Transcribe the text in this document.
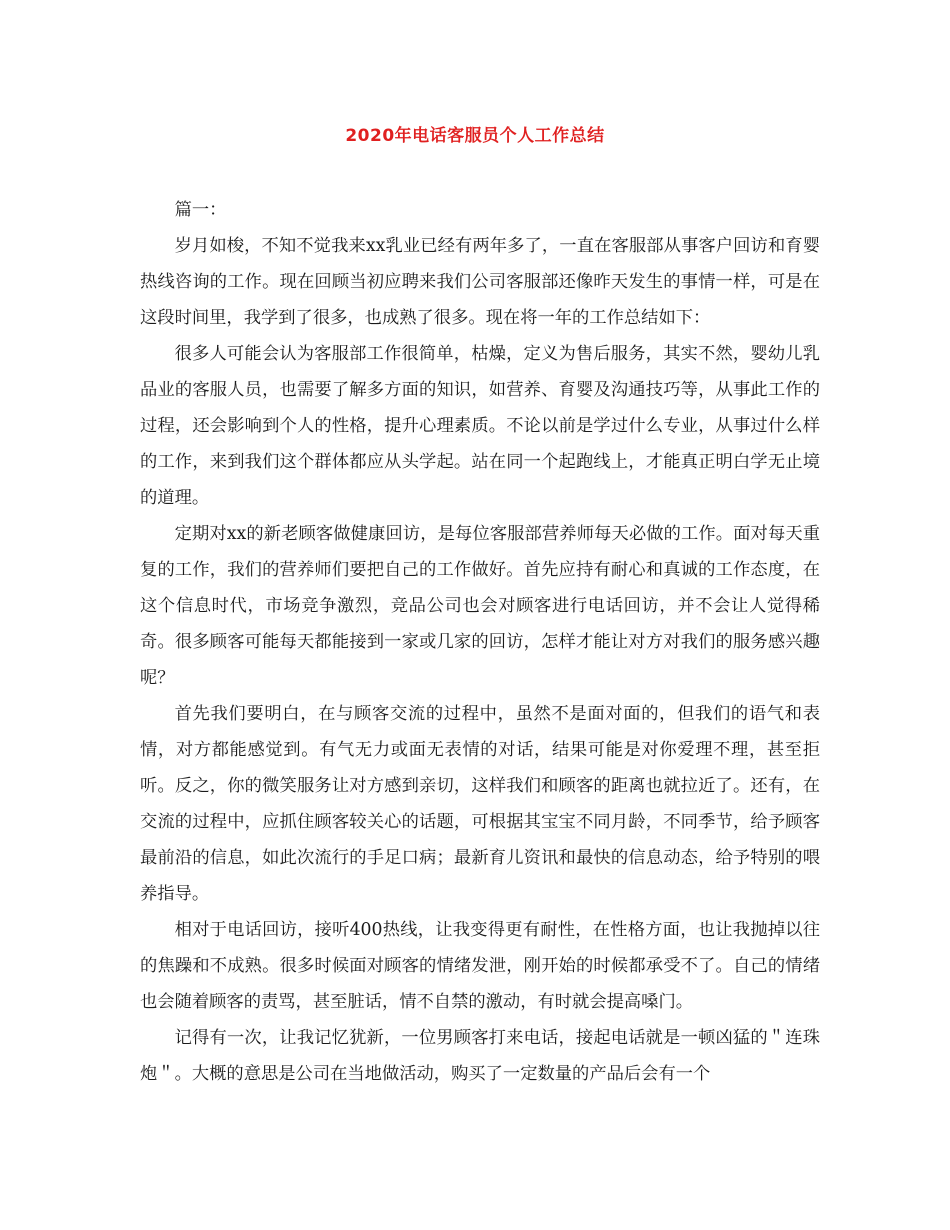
2020年电话客服员个人工作总结

篇一：

岁月如梭，不知不觉我来xx乳业已经有两年多了，一直在客服部从事客户回访和育婴热线咨询的工作。现在回顾当初应聘来我们公司客服部还像昨天发生的事情一样，可是在这段时间里，我学到了很多，也成熟了很多。现在将一年的工作总结如下：

很多人可能会认为客服部工作很简单，枯燥，定义为售后服务，其实不然，婴幼儿乳品业的客服人员，也需要了解多方面的知识，如营养、育婴及沟通技巧等，从事此工作的过程，还会影响到个人的性格，提升心理素质。不论以前是学过什么专业，从事过什么样的工作，来到我们这个群体都应从头学起。站在同一个起跑线上，才能真正明白学无止境的道理。

定期对xx的新老顾客做健康回访，是每位客服部营养师每天必做的工作。面对每天重复的工作，我们的营养师们要把自己的工作做好。首先应持有耐心和真诚的工作态度，在这个信息时代，市场竞争激烈，竞品公司也会对顾客进行电话回访，并不会让人觉得稀奇。很多顾客可能每天都能接到一家或几家的回访，怎样才能让对方对我们的服务感兴趣呢？

首先我们要明白，在与顾客交流的过程中，虽然不是面对面的，但我们的语气和表情，对方都能感觉到。有气无力或面无表情的对话，结果可能是对你爱理不理，甚至拒听。反之，你的微笑服务让对方感到亲切，这样我们和顾客的距离也就拉近了。还有，在交流的过程中，应抓住顾客较关心的话题，可根据其宝宝不同月龄，不同季节，给予顾客最前沿的信息，如此次流行的手足口病；最新育儿资讯和最快的信息动态，给予特别的喂养指导。

相对于电话回访，接听400热线，让我变得更有耐性，在性格方面，也让我抛掉以往的焦躁和不成熟。很多时候面对顾客的情绪发泄，刚开始的时候都承受不了。自己的情绪也会随着顾客的责骂，甚至脏话，情不自禁的激动，有时就会提高嗓门。

记得有一次，让我记忆犹新，一位男顾客打来电话，接起电话就是一顿凶猛的＂连珠炮＂。大概的意思是公司在当地做活动，购买了一定数量的产品后会有一个
